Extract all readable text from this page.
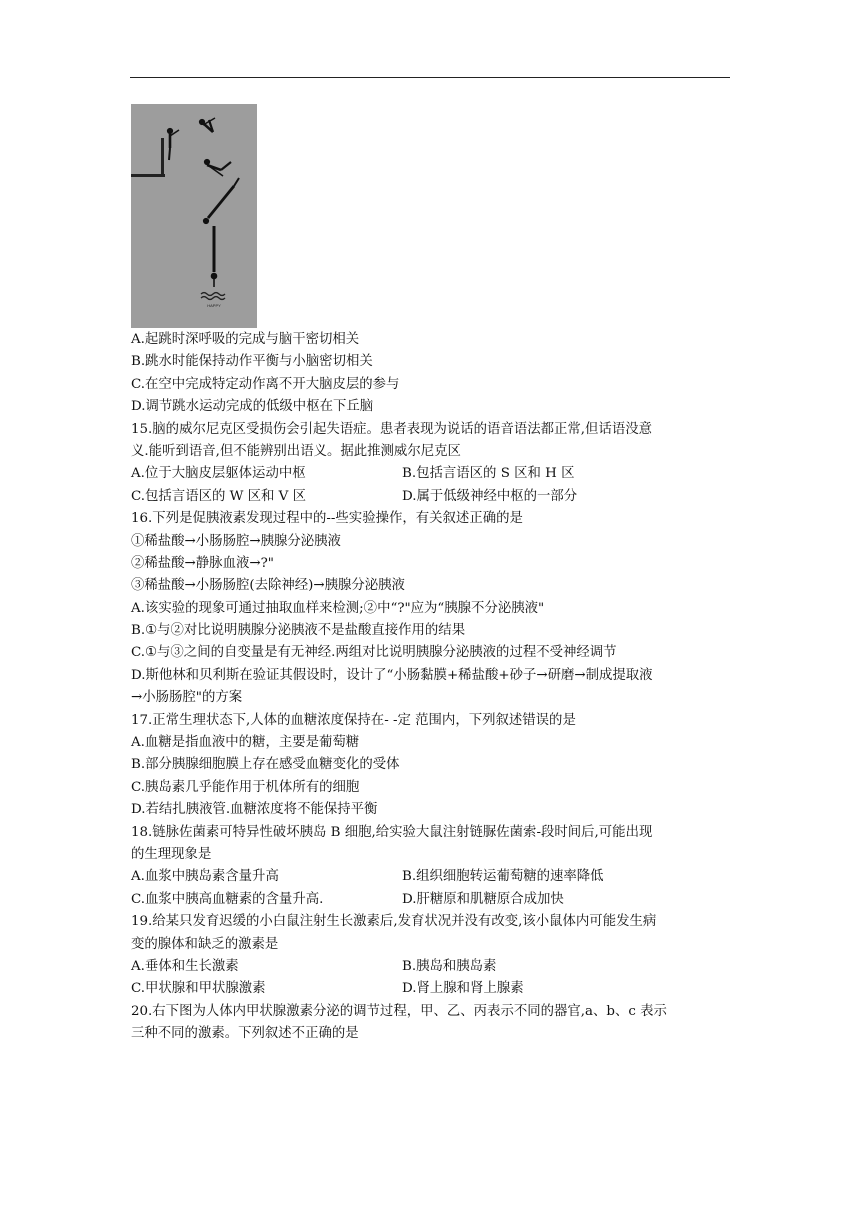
HAPPY
A.起跳时深呼吸的完成与脑干密切相关
B.跳水时能保持动作平衡与小脑密切相关
C.在空中完成特定动作离不开大脑皮层的参与
D.调节跳水运动完成的低级中枢在下丘脑
15.脑的威尔尼克区受损伤会引起失语症。患者表现为说话的语音语法都正常,但话语没意
义.能听到语音,但不能辨别出语义。据此推测威尔尼克区
A.位于大脑皮层躯体运动中枢	B.包括言语区的 S 区和 H 区
C.包括言语区的 W 区和 V 区	D.属于低级神经中枢的一部分
16.下列是促胰液素发现过程中的--些实验操作，有关叙述正确的是
①稀盐酸→小肠肠腔→胰腺分泌胰液
②稀盐酸→静脉血液→?"
③稀盐酸→小肠肠腔(去除神经)→胰腺分泌胰液
A.该实验的现象可通过抽取血样来检测;②中“?"应为“胰腺不分泌胰液"
B.①与②对比说明胰腺分泌胰液不是盐酸直接作用的结果
C.①与③之间的自变量是有无神经.两组对比说明胰腺分泌胰液的过程不受神经调节
D.斯他林和贝利斯在验证其假设时，设计了“小肠黏膜+稀盐酸+砂子→研磨→制成提取液
→小肠肠腔"的方案
17.正常生理状态下,人体的血糖浓度保持在- -定 范围内，下列叙述错误的是
A.血糖是指血液中的糖，主要是葡萄糖
B.部分胰腺细胞膜上存在感受血糖变化的受体
C.胰岛素几乎能作用于机体所有的细胞
D.若结扎胰液管.血糖浓度将不能保持平衡
18.链脉佐菌素可特异性破坏胰岛 B 细胞,给实验大鼠注射链脲佐菌索-段时间后,可能出现
的生理现象是
A.血浆中胰岛素含量升高	B.组织细胞转运葡萄糖的速率降低
C.血浆中胰高血糖素的含量升高.	D.肝糖原和肌糖原合成加快
19.给某只发育迟缓的小白鼠注射生长激素后,发育状况并没有改变,该小鼠体内可能发生病
变的腺体和缺乏的激素是
A.垂体和生长激素	B.胰岛和胰岛素
C.甲状腺和甲状腺激素	D.肾上腺和肾上腺素
20.右下图为人体内甲状腺激素分泌的调节过程，甲、乙、丙表示不同的器官,a、b、c 表示
三种不同的激素。下列叙述不正确的是
